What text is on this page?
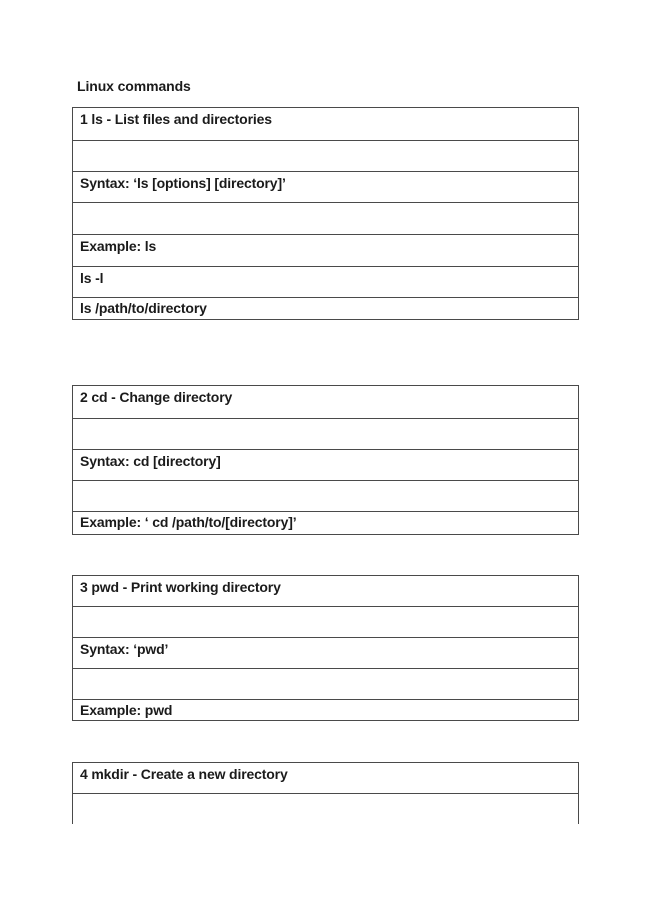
Linux commands
1 ls - List files and directories
Syntax: ‘ls [options] [directory]’
Example: ls
ls -l
ls /path/to/directory
2 cd - Change directory
Syntax: cd [directory]
Example: ‘ cd /path/to/[directory]’
3 pwd - Print working directory
Syntax: ‘pwd’
Example: pwd
4 mkdir - Create a new directory
